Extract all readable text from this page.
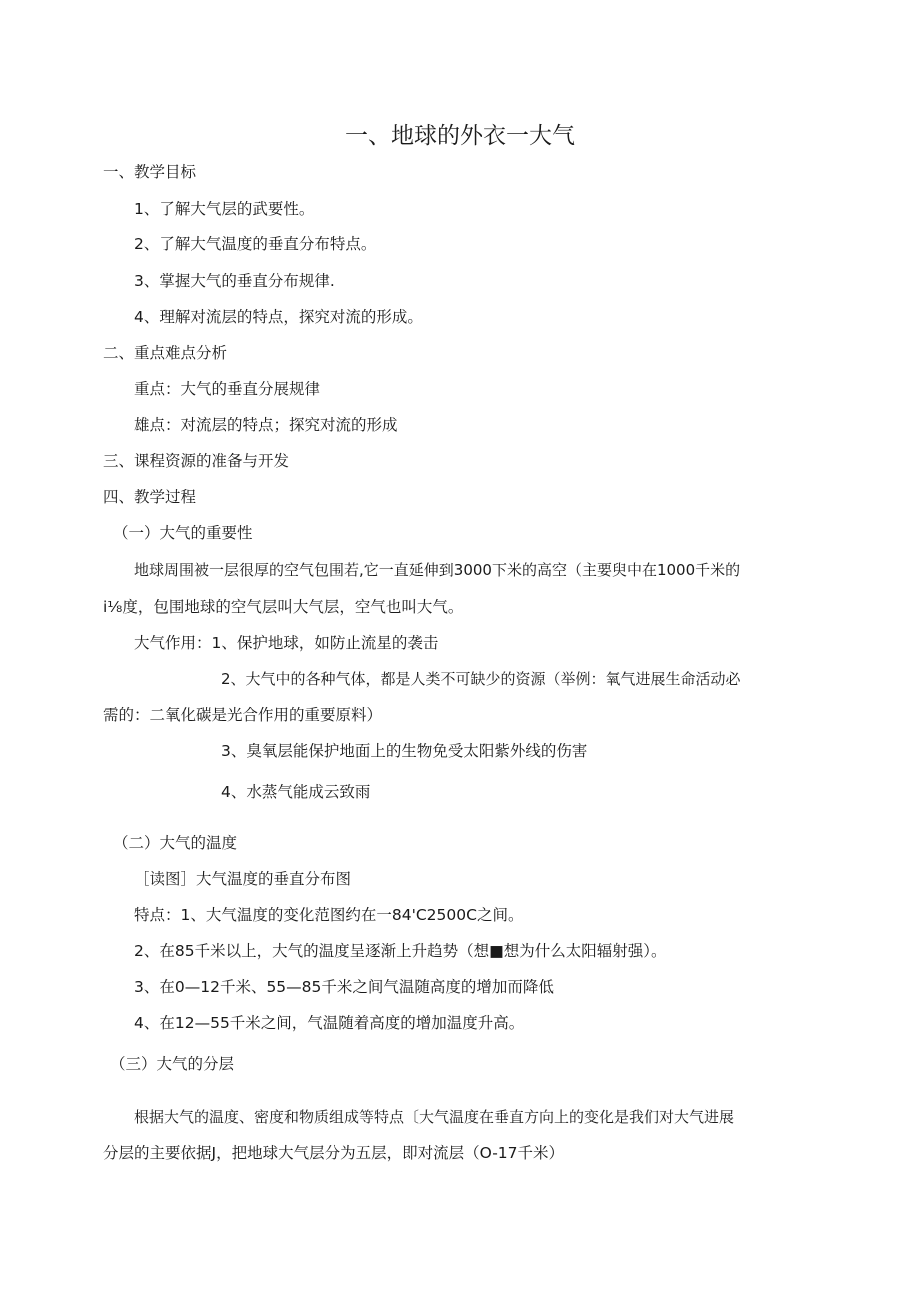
一、地球的外衣一大气
一、教学目标
1、了解大气层的武要性。
2、了解大气温度的垂直分布特点。
3、掌握大气的垂直分布规律.
4、理解对流层的特点，探究对流的形成。
二、重点难点分析
重点：大气的垂直分展规律
雄点：对流层的特点；探究对流的形成
三、课程资源的准备与开发
四、教学过程
（一）大气的重要性
地球周围被一层很厚的空气包围若,它一直延伸到3000下米的高空（主要臾中在1000千米的
i⅛度，包围地球的空气层叫大气层，空气也叫大气。
大气作用：1、保护地球，如防止流星的袭击
2、大气中的各种气体，都是人类不可缺少的资源（举例：氧气进展生命活动必
需的：二氧化碳是光合作用的重要原料）
3、臭氧层能保护地面上的生物免受太阳紫外线的伤害
4、水蒸气能成云致雨
（二）大气的温度
［读图］大气温度的垂直分布图
特点：1、大气温度的变化范图约在一84'C2500C之间。
2、在85千米以上，大气的温度呈逐渐上升趋势（想■想为什么太阳辐射强）。
3、在0—12千米、55—85千米之间气温随高度的增加而降低
4、在12—55千米之间，气温随着高度的增加温度升高。
（三）大气的分层
根据大气的温度、密度和物质组成等特点〔大气温度在垂直方向上的变化是我们对大气进展
分层的主要依据J，把地球大气层分为五层，即对流层（O-17千米）
